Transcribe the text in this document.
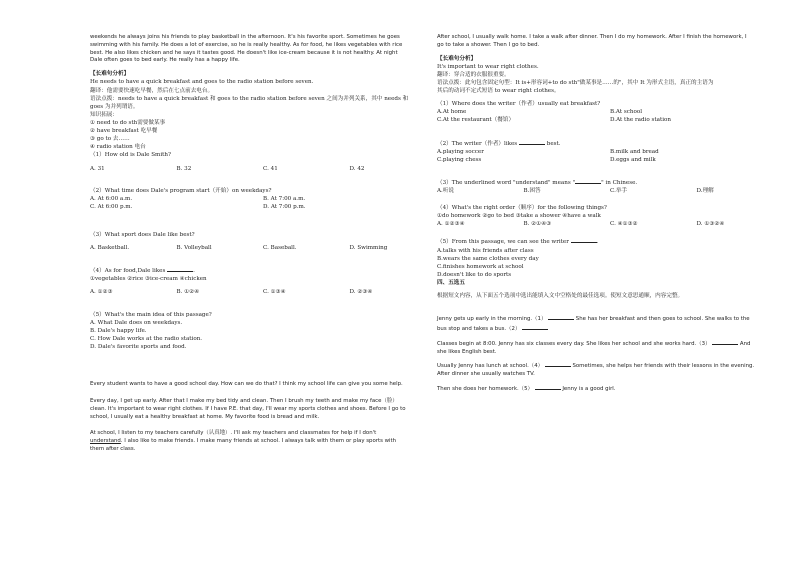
weekends he always joins his friends to play basketball in the afternoon. It's his favorite sport. Sometimes he goes

swimming with his family. He does a lot of exercise, so he is really healthy. As for food, he likes vegetables with rice

best. He also likes chicken and he says it tastes good. He doesn't like ice-cream because it is not healthy. At night

Dale often goes to bed early. He really has a happy life.

【长难句分析】

He needs to have a quick breakfast and goes to the radio station before seven.

翻译：他需要快速吃早餐，然后在七点前去电台。

语法点拨：needs to have a quick breakfast 和 goes to the radio station before seven 之间为并列关系，其中 needs 和

goes 为并列谓语。

知识拓展：

① need to do sth需要做某事

② have breakfast 吃早餐

③ go to 去……

④ radio station 电台

（1）How old is Dale Smith?

A. 31	B. 32	C. 41	D. 42

（2）What time does Dale's program start（开始）on weekdays?

A. At 6:00 a.m.	B. At 7:00 a.m.
C. At 6:00 p.m.	D. At 7:00 p.m.

（3）What sport does Dale like best?

A. Basketball.	B. Volleyball	C. Baseball.	D. Swimming

（4）As for food,Dale likes	.

①vegetables ②rice ③ice-cream ④chicken

A. ①②③	B. ①②④	C. ①③④	D. ②③④

（5）What's the main idea of this passage?

A. What Dale does on weekdays.

B. Dale's happy life.

C. How Dale works at the radio station.

D. Dale's favorite sports and food.

Every student wants to have a good school day. How can we do that? I think my school life can give you some help.

Every day, I get up early. After that I make my bed tidy and clean. Then I brush my teeth and make my face（脸）

clean. It's important to wear right clothes. If I have P.E. that day, I'll wear my sports clothes and shoes. Before I go to

school, I usually eat a healthy breakfast at home. My favorite food is bread and milk.

At school, I listen to my teachers carefully（认真地）. I'll ask my teachers and classmates for help if I don't

understand. I also like to make friends. I make many friends at school. I always talk with them or play sports with

them after class.

After school, I usually walk home. I take a walk after dinner. Then I do my homework. After I finish the homework, I

go to take a shower. Then I go to bed.

【长难句分析】

It's important to wear right clothes.

翻译：穿合适的衣服很重要。

语法点拨：此句包含固定句型：It is+形容词+to do sth"做某事是……的"，其中 It 为形式主语，真正的主语为

其后的动词不定式短语 to wear right clothes。

（1）Where does the writer（作者）usually eat breakfast?

A.At home	B.At school
C.At the restaurant（餐馆）	D.At the radio station

（2）The writer（作者）likes	best.

A.playing soccer	B.milk and bread
C.playing chess	D.eggs and milk

（3）The underlined word "understand" means "	" in Chinese.

A.听说	B.困答	C.举手	D.理解

（4）What's the right order（顺序）for the following things?

①do homework ②go to bed ③take a shower ④have a walk

A. ①②③④	B. ②①④③	C. ④①③②	D. ①③②④

（5）From this passage, we can see the writer	.

A.talks with his friends after class

B.wears the same clothes every day

C.finishes homework at school

D.doesn't like to do sports

四、五选五

根据短文内容，从下面五个选项中选出能填入文中空格处的最佳选项。使短文意思通顺，内容完整。

Jenny gets up early in the morning.（1）	She has her breakfast and then goes to school. She walks to the

bus stop and takes a bus.（2）

Classes begin at 8:00. Jenny has six classes every day. She likes her school and she works hard.（3）	And

she likes English best.

Usually Jenny has lunch at school.（4）	Sometimes, she helps her friends with their lessons in the evening.

After dinner she usually watches TV.

Then she does her homework.（5）	Jenny is a good girl.
